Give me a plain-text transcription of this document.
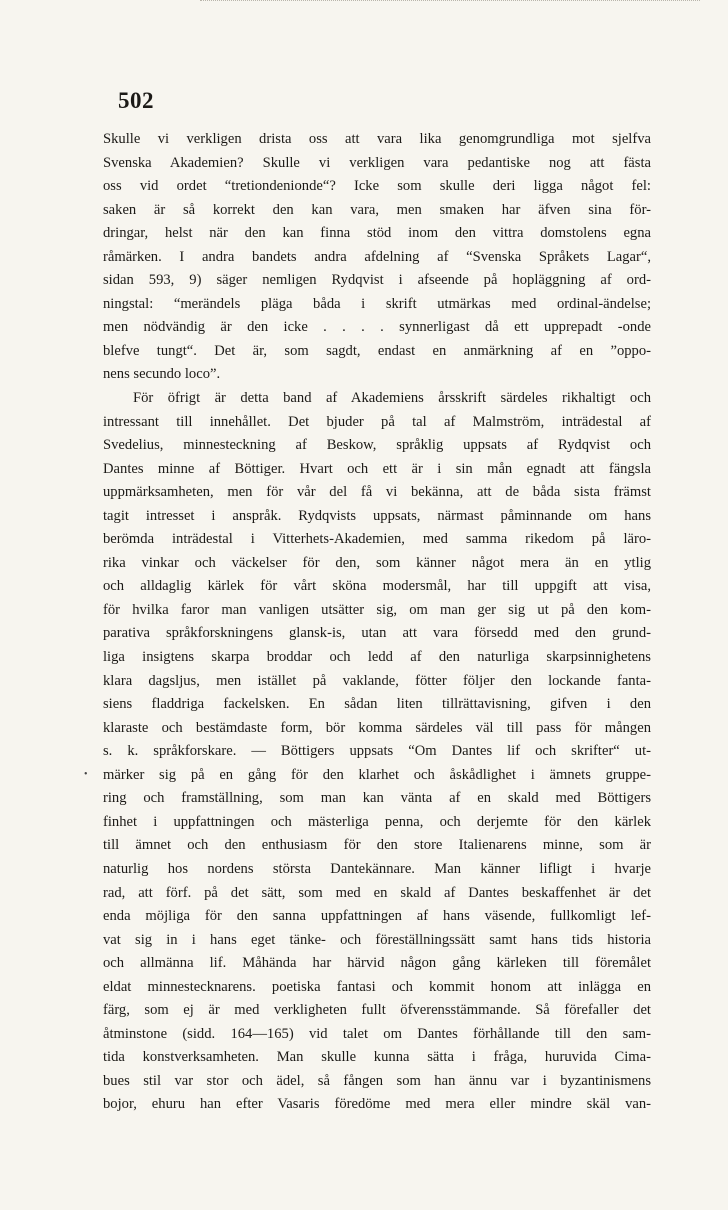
502
•

Skulle vi verkligen drista oss att vara lika genomgrundliga mot sjelfva
Svenska Akademien? Skulle vi verkligen vara pedantiske nog att fästa
oss vid ordet “tretiondenionde“? Icke som skulle deri ligga något fel:
saken är så korrekt den kan vara, men smaken har äfven sina för-
dringar, helst när den kan finna stöd inom den vittra domstolens egna
råmärken. I andra bandets andra afdelning af “Svenska Språkets Lagar“,
sidan 593, 9) säger nemligen Rydqvist i afseende på hopläggning af ord-
ningstal: “merändels pläga båda i skrift utmärkas med ordinal-ändelse;
men nödvändig är den icke . . . . synnerligast då ett upprepadt -onde
blefve tungt“. Det är, som sagdt, endast en anmärkning af en ”oppo-
nens secundo loco”.

För öfrigt är detta band af Akademiens årsskrift särdeles rikhaltigt och
intressant till innehållet. Det bjuder på tal af Malmström, inträdestal af
Svedelius, minnesteckning af Beskow, språklig uppsats af Rydqvist och
Dantes minne af Böttiger. Hvart och ett är i sin mån egnadt att fängsla
uppmärksamheten, men för vår del få vi bekänna, att de båda sista främst
tagit intresset i anspråk. Rydqvists uppsats, närmast påminnande om hans
berömda inträdestal i Vitterhets-Akademien, med samma rikedom på läro-
rika vinkar och väckelser för den, som känner något mera än en ytlig
och alldaglig kärlek för vårt sköna modersmål, har till uppgift att visa,
för hvilka faror man vanligen utsätter sig, om man ger sig ut på den kom-
parativa språkforskningens glansk-is, utan att vara försedd med den grund-
liga insigtens skarpa broddar och ledd af den naturliga skarpsinnighetens
klara dagsljus, men istället på vaklande, fötter följer den lockande fanta-
siens fladdriga fackelsken. En sådan liten tillrättavisning, gifven i den
klaraste och bestämdaste form, bör komma särdeles väl till pass för mången
s. k. språkforskare. — Böttigers uppsats “Om Dantes lif och skrifter“ ut-
märker sig på en gång för den klarhet och åskådlighet i ämnets gruppe-
ring och framställning, som man kan vänta af en skald med Böttigers
finhet i uppfattningen och mästerliga penna, och derjemte för den kärlek
till ämnet och den enthusiasm för den store Italienarens minne, som är
naturlig hos nordens största Dantekännare. Man känner lifligt i hvarje
rad, att förf. på det sätt, som med en skald af Dantes beskaffenhet är det
enda möjliga för den sanna uppfattningen af hans väsende, fullkomligt lef-
vat sig in i hans eget tänke- och föreställningssätt samt hans tids historia
och allmänna lif. Måhända har härvid någon gång kärleken till föremålet
eldat minnestecknarens. poetiska fantasi och kommit honom att inlägga en
färg, som ej är med verkligheten fullt öfverensstämmande. Så förefaller det
åtminstone (sidd. 164—165) vid talet om Dantes förhållande till den sam-
tida konstverksamheten. Man skulle kunna sätta i fråga, huruvida Cima-
bues stil var stor och ädel, så fången som han ännu var i byzantinismens
bojor, ehuru han efter Vasaris föredöme med mera eller mindre skäl van-
